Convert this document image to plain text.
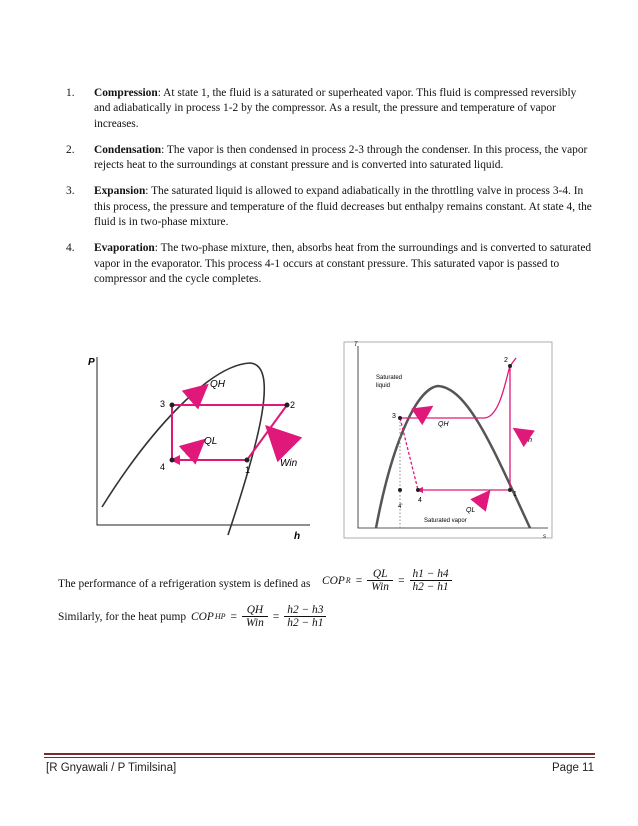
1.	Compression: At state 1, the fluid is a saturated or superheated vapor. This fluid is compressed reversibly and adiabatically in process 1-2 by the compressor. As a result, the pressure and temperature of vapor increases.
2.	Condensation: The vapor is then condensed in process 2-3 through the condenser. In this process, the vapor rejects heat to the surroundings at constant pressure and is converted into saturated liquid.
3.	Expansion: The saturated liquid is allowed to expand adiabatically in the throttling valve in process 3-4. In this process, the pressure and temperature of the fluid decreases but enthalpy remains constant. At state 4, the fluid is in two-phase mixture.
4.	Evaporation: The two-phase mixture, then, absorbs heat from the surroundings and is converted to saturated vapor in the evaporator. This process 4-1 occurs at constant pressure. This saturated vapor is passed to compressor and the cycle completes.
P
h
1
2
3
4
QH
QL
Win
T
s
1
2
3
4
4'
Saturated
liquid
Saturated vapor
QH
QL
Win
The performance of a refrigeration system is defined as COP R =
QL
Win
=
h1 − h4
h2 − h1
Similarly, for the heat pump COP HP =
QH
Win
=
h2 − h3
h2 − h1
[R Gnyawali / P Timilsina]	Page 11
